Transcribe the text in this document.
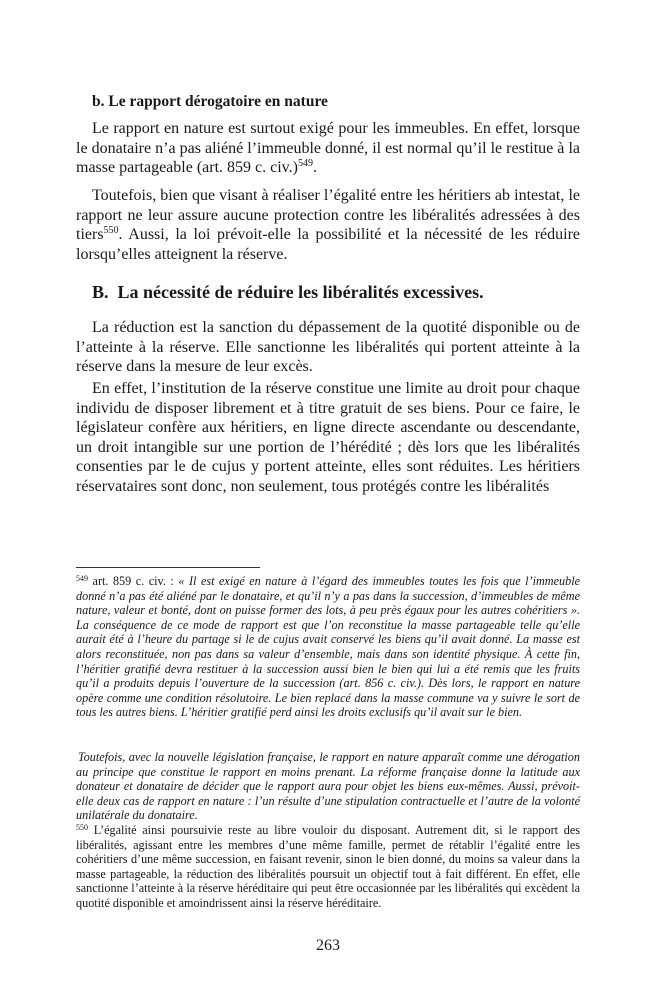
b. Le rapport dérogatoire en nature

Le rapport en nature est surtout exigé pour les immeubles. En effet, lorsque le donataire n’a pas aliéné l’immeuble donné, il est normal qu’il le restitue à la masse partageable (art. 859 c. civ.)$^{549}$.

Toutefois, bien que visant à réaliser l’égalité entre les héritiers ab intestat, le rapport ne leur assure aucune protection contre les libéralités adressées à des tiers$^{550}$. Aussi, la loi prévoit-elle la possibilité et la nécessité de les réduire lorsqu’elles atteignent la réserve.

B. La nécessité de réduire les libéralités excessives.

La réduction est la sanction du dépassement de la quotité disponible ou de l’atteinte à la réserve. Elle sanctionne les libéralités qui portent atteinte à la réserve dans la mesure de leur excès.

En effet, l’institution de la réserve constitue une limite au droit pour chaque individu de disposer librement et à titre gratuit de ses biens. Pour ce faire, le législateur confère aux héritiers, en ligne directe ascendante ou descendante, un droit intangible sur une portion de l’hérédité ; dès lors que les libéralités consenties par le de cujus y portent atteinte, elles sont réduites. Les héritiers réservataires sont donc, non seulement, tous protégés contre les libéralités

$^{549}$ art. 859 c. civ. : « Il est exigé en nature à l’égard des immeubles toutes les fois que l’immeuble donné n’a pas été aliéné par le donataire, et qu’il n’y a pas dans la succession, d’immeubles de même nature, valeur et bonté, dont on puisse former des lots, à peu près égaux pour les autres cohéritiers ». La conséquence de ce mode de rapport est que l’on reconstitue la masse partageable telle qu’elle aurait été à l’heure du partage si le de cujus avait conservé les biens qu’il avait donné. La masse est alors reconstituée, non pas dans sa valeur d’ensemble, mais dans son identité physique. À cette fin, l’héritier gratifié devra restituer à la succession aussi bien le bien qui lui a été remis que les fruits qu’il a produits depuis l’ouverture de la succession (art. 856 c. civ.). Dès lors, le rapport en nature opère comme une condition résolutoire. Le bien replacé dans la masse commune va y suivre le sort de tous les autres biens. L’héritier gratifié perd ainsi les droits exclusifs qu’il avait sur le bien.

Toutefois, avec la nouvelle législation française, le rapport en nature apparaît comme une dérogation au principe que constitue le rapport en moins prenant. La réforme française donne la latitude aux donateur et donataire de décider que le rapport aura pour objet les biens eux-mêmes. Aussi, prévoit-elle deux cas de rapport en nature : l’un résulte d’une stipulation contractuelle et l’autre de la volonté unilatérale du donataire.

$^{550}$ L’égalité ainsi poursuivie reste au libre vouloir du disposant. Autrement dit, si le rapport des libéralités, agissant entre les membres d’une même famille, permet de rétablir l’égalité entre les cohéritiers d’une même succession, en faisant revenir, sinon le bien donné, du moins sa valeur dans la masse partageable, la réduction des libéralités poursuit un objectif tout à fait différent. En effet, elle sanctionne l’atteinte à la réserve héréditaire qui peut être occasionnée par les libéralités qui excèdent la quotité disponible et amoindrissent ainsi la réserve héréditaire.

263
